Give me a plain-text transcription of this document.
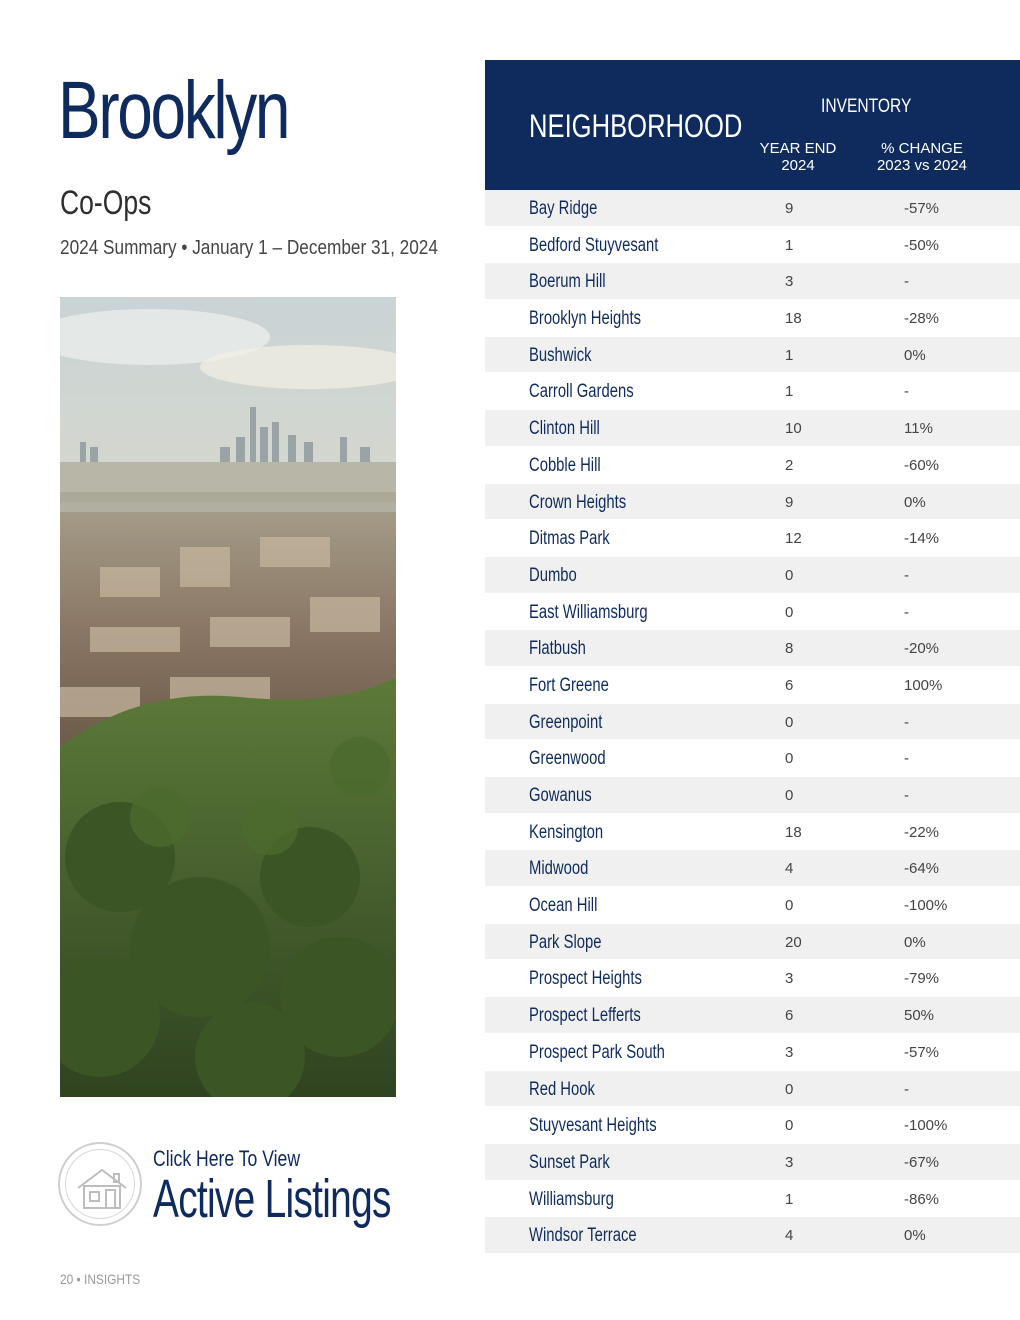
Brooklyn
Co-Ops
2024 Summary • January 1 – December 31, 2024
Click Here To View
Active Listings
20 • INSIGHTS
NEIGHBORHOOD
INVENTORY
YEAR END
2024
% CHANGE
2023 vs 2024
Bay Ridge	9	-57%
Bedford Stuyvesant	1	-50%
Boerum Hill	3	-
Brooklyn Heights	18	-28%
Bushwick	1	0%
Carroll Gardens	1	-
Clinton Hill	10	11%
Cobble Hill	2	-60%
Crown Heights	9	0%
Ditmas Park	12	-14%
Dumbo	0	-
East Williamsburg	0	-
Flatbush	8	-20%
Fort Greene	6	100%
Greenpoint	0	-
Greenwood	0	-
Gowanus	0	-
Kensington	18	-22%
Midwood	4	-64%
Ocean Hill	0	-100%
Park Slope	20	0%
Prospect Heights	3	-79%
Prospect Lefferts	6	50%
Prospect Park South	3	-57%
Red Hook	0	-
Stuyvesant Heights	0	-100%
Sunset Park	3	-67%
Williamsburg	1	-86%
Windsor Terrace	4	0%
